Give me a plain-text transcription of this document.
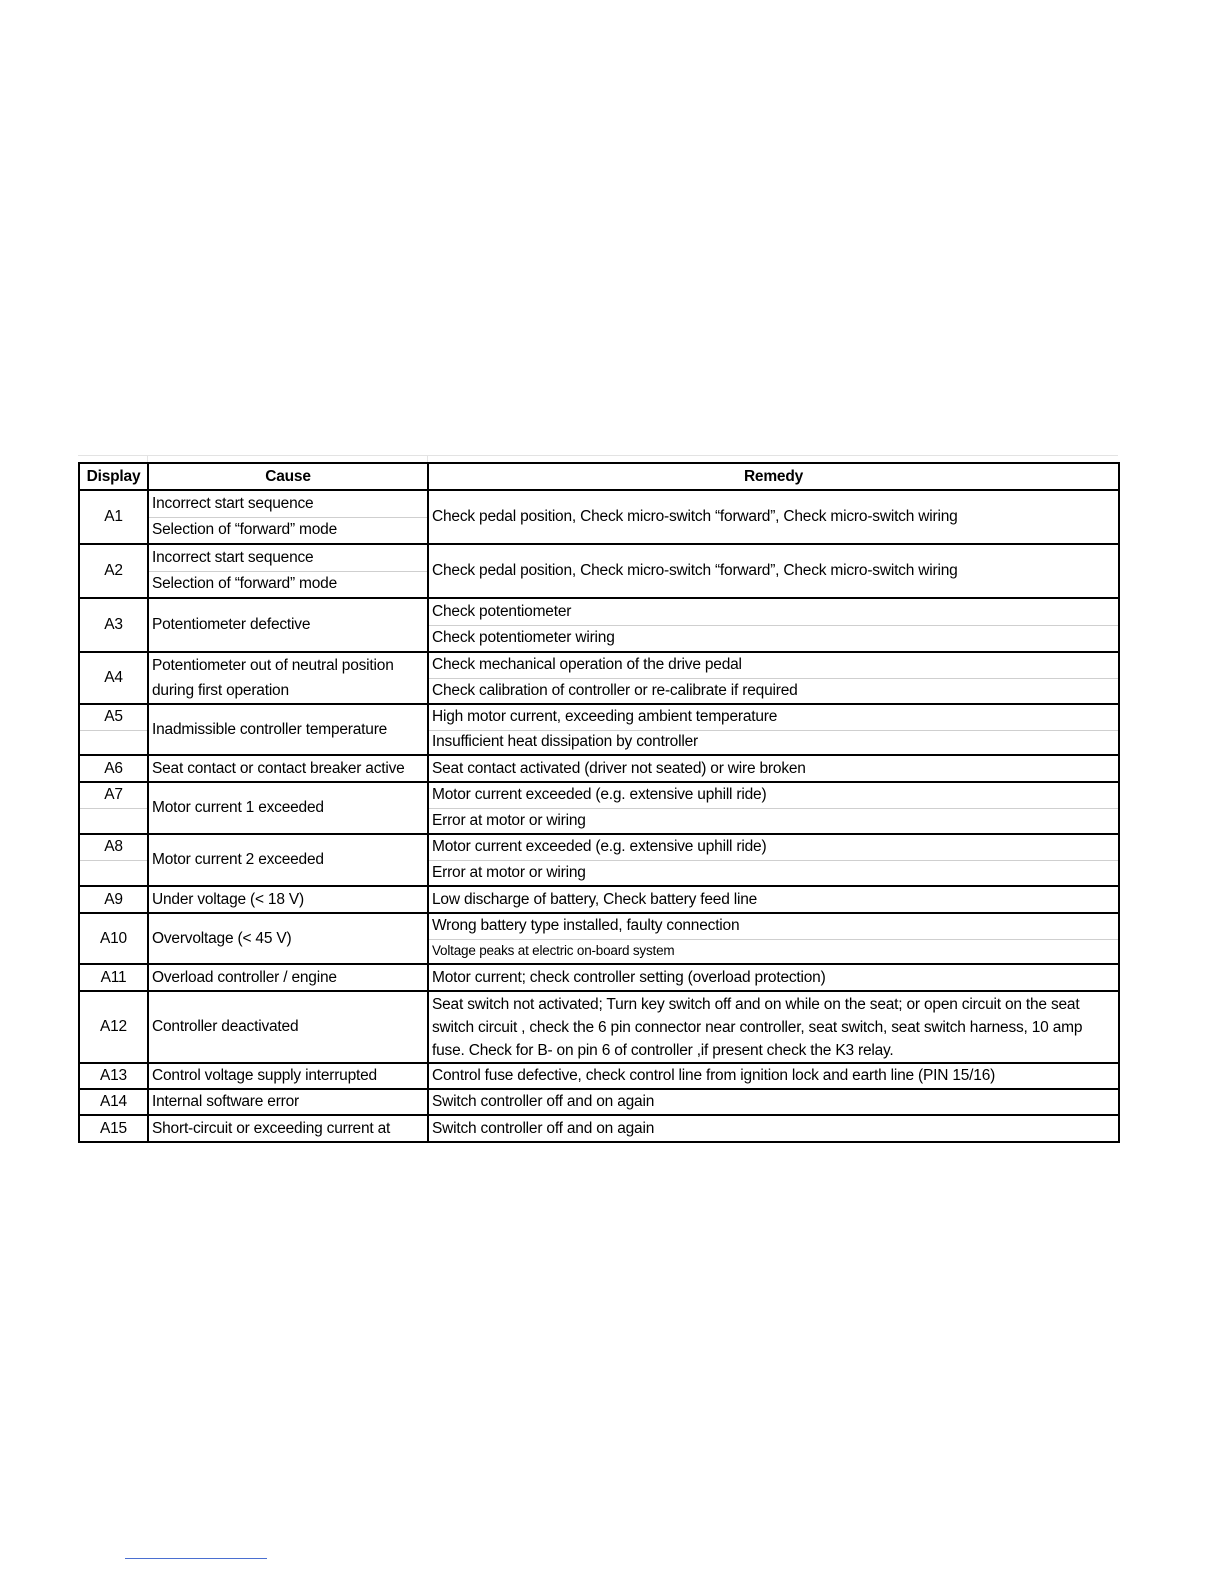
Display	Cause	Remedy
A1	Incorrect start sequence	Check pedal position, Check micro-switch “forward”, Check micro-switch wiring
	Selection of “forward” mode	
A2	Incorrect start sequence	Check pedal position, Check micro-switch “forward”, Check micro-switch wiring
	Selection of “forward” mode	
A3	Potentiometer defective	Check potentiometer
		Check potentiometer wiring
A4	Potentiometer out of neutral position	Check mechanical operation of the drive pedal
	during first operation	Check calibration of controller or re-calibrate if required
A5	Inadmissible controller temperature	High motor current, exceeding ambient temperature
		Insufficient heat dissipation by controller
A6	Seat contact or contact breaker active	Seat contact activated (driver not seated) or wire broken
A7	Motor current 1 exceeded	Motor current exceeded (e.g. extensive uphill ride)
		Error at motor or wiring
A8	Motor current 2 exceeded	Motor current exceeded (e.g. extensive uphill ride)
		Error at motor or wiring
A9	Under voltage (< 18 V)	Low discharge of battery, Check battery feed line
A10	Overvoltage (< 45 V)	Wrong battery type installed, faulty connection
		Voltage peaks at electric on-board system
A11	Overload controller / engine	Motor current; check controller setting (overload protection)
A12	Controller deactivated	Seat switch not activated; Turn key switch off and on while on the seat; or open circuit on the seat switch circuit , check the 6 pin connector near controller, seat switch, seat switch harness, 10 amp fuse. Check for B- on pin 6 of controller ,if present check the K3 relay.
A13	Control voltage supply interrupted	Control fuse defective, check control line from ignition lock and earth line (PIN 15/16)
A14	Internal software error	Switch controller off and on again
A15	Short-circuit or exceeding current at	Switch controller off and on again
